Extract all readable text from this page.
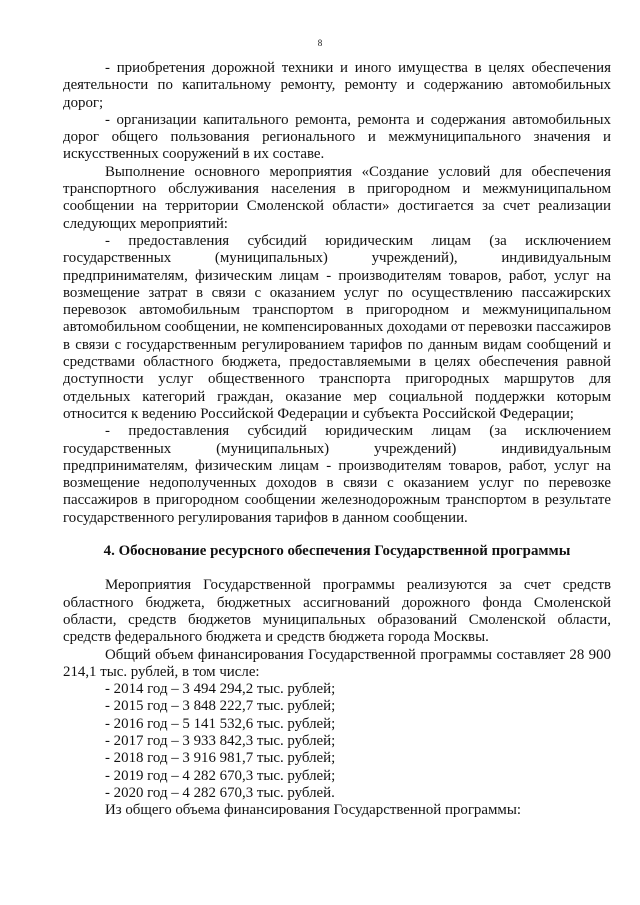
8

- приобретения дорожной техники и иного имущества в целях обеспечения деятельности по капитальному ремонту, ремонту и содержанию автомобильных дорог;

- организации капитального ремонта, ремонта и содержания автомобильных дорог общего пользования регионального и межмуниципального значения и искусственных сооружений в их составе.

Выполнение основного мероприятия «Создание условий для обеспечения транспортного обслуживания населения в пригородном и межмуниципальном сообщении на территории Смоленской области» достигается за счет реализации следующих мероприятий:

- предоставления субсидий юридическим лицам (за исключением государственных (муниципальных) учреждений), индивидуальным предпринимателям, физическим лицам - производителям товаров, работ, услуг на возмещение затрат в связи с оказанием услуг по осуществлению пассажирских перевозок автомобильным транспортом в пригородном и межмуниципальном автомобильном сообщении, не компенсированных доходами от перевозки пассажиров в связи с государственным регулированием тарифов по данным видам сообщений и средствами областного бюджета, предоставляемыми в целях обеспечения равной доступности услуг общественного транспорта пригородных маршрутов для отдельных категорий граждан, оказание мер социальной поддержки которым относится к ведению Российской Федерации и субъекта Российской Федерации;

- предоставления субсидий юридическим лицам (за исключением государственных (муниципальных) учреждений) индивидуальным предпринимателям, физическим лицам - производителям товаров, работ, услуг на возмещение недополученных доходов в связи с оказанием услуг по перевозке пассажиров в пригородном сообщении железнодорожным транспортом в результате государственного регулирования тарифов в данном сообщении.

4. Обоснование ресурсного обеспечения Государственной программы

Мероприятия Государственной программы реализуются за счет средств областного бюджета, бюджетных ассигнований дорожного фонда Смоленской области, средств бюджетов муниципальных образований Смоленской области, средств федерального бюджета и средств бюджета города Москвы.

Общий объем финансирования Государственной программы составляет 28 900 214,1 тыс. рублей, в том числе:

- 2014 год – 3 494 294,2 тыс. рублей;

- 2015 год – 3 848 222,7 тыс. рублей;

- 2016 год – 5 141 532,6 тыс. рублей;

- 2017 год – 3 933 842,3 тыс. рублей;

- 2018 год – 3 916 981,7 тыс. рублей;

- 2019 год – 4 282 670,3 тыс. рублей;

- 2020 год – 4 282 670,3 тыс. рублей.

Из общего объема финансирования Государственной программы:
